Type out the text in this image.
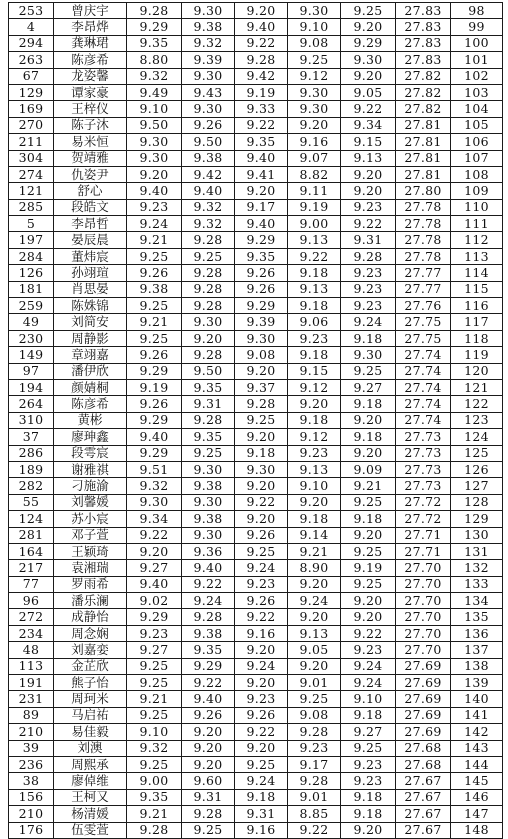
253	曾庆宇	9.28	9.30	9.20	9.30	9.25	27.83	98
4	李昂烨	9.29	9.38	9.40	9.10	9.20	27.83	99
294	龚琳珺	9.35	9.32	9.22	9.08	9.29	27.83	100
263	陈彦希	8.80	9.39	9.28	9.25	9.30	27.83	101
67	龙姿馨	9.32	9.30	9.42	9.12	9.20	27.82	102
129	谭家豪	9.49	9.43	9.19	9.30	9.05	27.82	103
169	王梓仪	9.10	9.30	9.33	9.30	9.22	27.82	104
270	陈子沐	9.50	9.26	9.22	9.20	9.34	27.81	105
211	易米恒	9.30	9.50	9.35	9.16	9.15	27.81	106
304	贺靖雅	9.30	9.38	9.40	9.07	9.13	27.81	107
274	仇姿尹	9.20	9.42	9.41	8.82	9.20	27.81	108
121	舒心	9.40	9.40	9.20	9.11	9.20	27.80	109
285	段皓文	9.23	9.32	9.17	9.19	9.23	27.78	110
5	李昂哲	9.24	9.32	9.40	9.00	9.22	27.78	111
197	晏辰晨	9.21	9.28	9.29	9.13	9.31	27.78	112
284	董炜宸	9.25	9.25	9.35	9.22	9.28	27.78	113
126	孙翊瑄	9.26	9.28	9.26	9.18	9.23	27.77	114
181	肖思晏	9.38	9.28	9.26	9.13	9.23	27.77	115
259	陈姝锦	9.25	9.28	9.29	9.18	9.23	27.76	116
49	刘简安	9.21	9.30	9.39	9.06	9.24	27.75	117
230	周静影	9.25	9.20	9.30	9.23	9.18	27.75	118
149	章翊嘉	9.26	9.28	9.08	9.18	9.30	27.74	119
97	潘伊欣	9.29	9.50	9.20	9.15	9.25	27.74	120
194	颜婧桐	9.19	9.35	9.37	9.12	9.27	27.74	121
264	陈彦希	9.26	9.31	9.28	9.20	9.18	27.74	122
310	黄彬	9.29	9.28	9.25	9.18	9.20	27.74	123
37	廖珅鑫	9.40	9.35	9.20	9.12	9.18	27.73	124
286	段雩宸	9.29	9.25	9.18	9.23	9.20	27.73	125
189	谢雅祺	9.51	9.30	9.30	9.13	9.09	27.73	126
282	刁施渝	9.32	9.38	9.20	9.10	9.21	27.73	127
55	刘馨媛	9.30	9.30	9.22	9.20	9.25	27.72	128
124	苏小宸	9.34	9.38	9.20	9.18	9.18	27.72	129
281	邓子萱	9.22	9.30	9.26	9.14	9.20	27.71	130
164	王颖琦	9.20	9.36	9.25	9.21	9.25	27.71	131
217	袁湘瑞	9.27	9.40	9.24	8.90	9.19	27.70	132
77	罗雨希	9.40	9.22	9.23	9.20	9.25	27.70	133
96	潘乐澜	9.02	9.24	9.26	9.24	9.20	27.70	134
272	成静怡	9.29	9.28	9.22	9.20	9.20	27.70	135
234	周念娴	9.23	9.38	9.16	9.13	9.22	27.70	136
48	刘嘉娈	9.27	9.35	9.20	9.05	9.23	27.70	137
113	金芷欣	9.25	9.29	9.24	9.20	9.24	27.69	138
191	熊子怡	9.25	9.22	9.20	9.01	9.24	27.69	139
231	周珂米	9.21	9.40	9.23	9.25	9.10	27.69	140
89	马启祐	9.25	9.26	9.26	9.08	9.18	27.69	141
210	易佳毅	9.10	9.20	9.22	9.28	9.27	27.69	142
39	刘澳	9.32	9.20	9.20	9.23	9.25	27.68	143
236	周熙承	9.25	9.20	9.25	9.17	9.23	27.68	144
38	廖倬维	9.00	9.60	9.24	9.28	9.23	27.67	145
156	王柯又	9.35	9.31	9.18	9.01	9.18	27.67	146
210	杨清媛	9.21	9.28	9.31	8.85	9.18	27.67	147
176	伍雯萱	9.28	9.25	9.16	9.22	9.20	27.67	148
